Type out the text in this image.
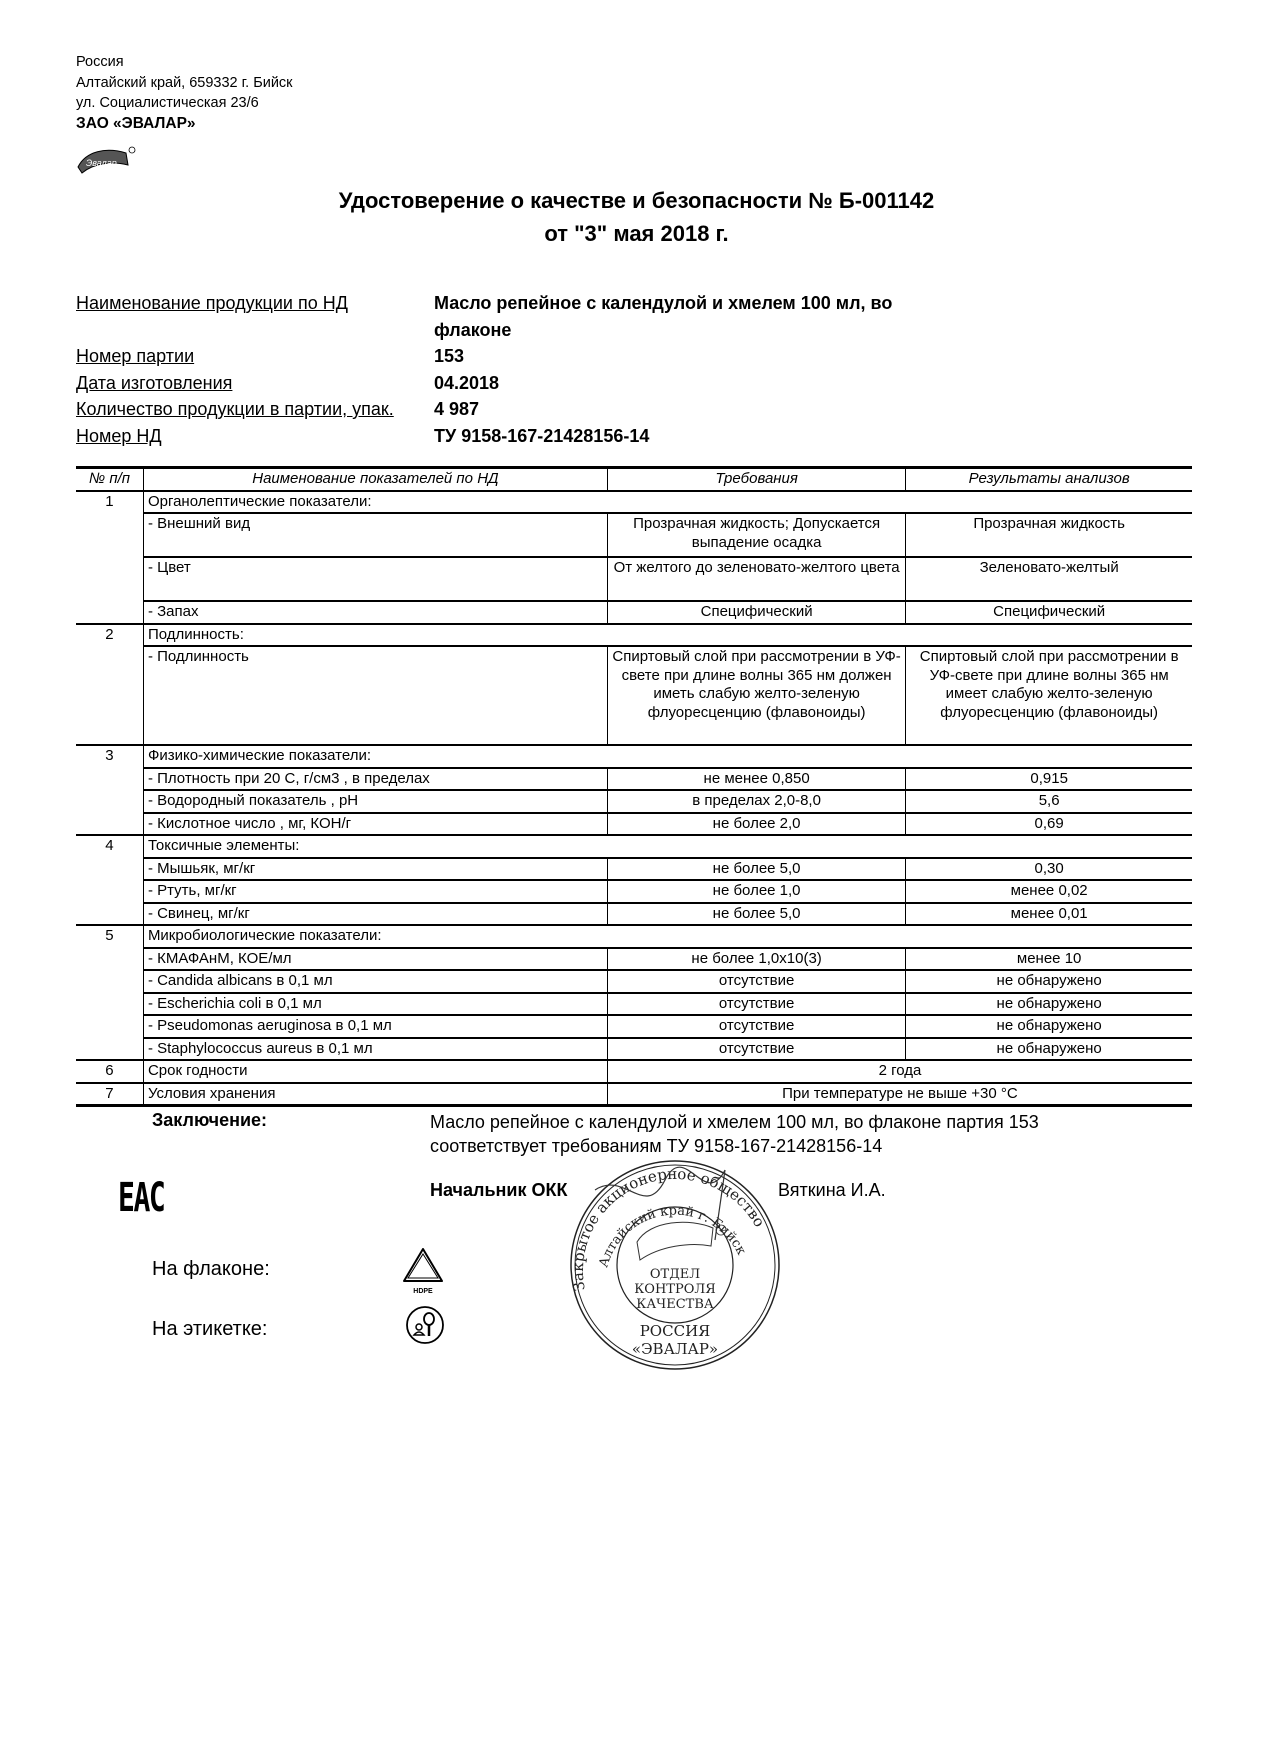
Россия
Алтайский край, 659332 г. Бийск
ул. Социалистическая 23/6
ЗАО «ЭВАЛАР»
Эвалар
Удостоверение о качестве и безопасности № Б-001142
от "3" мая 2018 г.
Наименование продукции по НД	Масло репейное с календулой и хмелем 100 мл, во флаконе
Номер партии	153
Дата изготовления	04.2018
Количество продукции в партии, упак.	4 987
Номер НД	ТУ 9158-167-21428156-14
№ п/п	Наименование показателей по НД	Требования	Результаты анализов
1	Органолептические показатели:		
	- Внешний вид	Прозрачная жидкость; Допускается выпадение осадка	Прозрачная жидкость
	- Цвет	От желтого до зеленовато-желтого цвета	Зеленовато-желтый
	- Запах	Специфический	Специфический
2	Подлинность:		
	- Подлинность	Спиртовый слой при рассмотрении в УФ-свете при длине волны 365 нм должен иметь слабую желто-зеленую флуоресценцию (флавоноиды)	Спиртовый слой при рассмотрении в УФ-свете при длине волны 365 нм имеет слабую желто-зеленую флуоресценцию (флавоноиды)
3	Физико-химические показатели:		
	- Плотность при 20 С, г/см3 , в пределах	не менее 0,850	0,915
	- Водородный показатель , pH	в пределах 2,0-8,0	5,6
	- Кислотное число , мг, КОН/г	не более 2,0	0,69
4	Токсичные элементы:		
	- Мышьяк, мг/кг	не более 5,0	0,30
	- Ртуть, мг/кг	не более 1,0	менее 0,02
	- Свинец, мг/кг	не более 5,0	менее 0,01
5	Микробиологические показатели:		
	- КМАФАнМ, КОЕ/мл	не более 1,0х10(3)	менее 10
	- Candida albicans в 0,1 мл	отсутствие	не обнаружено
	- Escherichia coli в 0,1 мл	отсутствие	не обнаружено
	- Pseudomonas aeruginosa в 0,1 мл	отсутствие	не обнаружено
	- Staphylococcus aureus в 0,1 мл	отсутствие	не обнаружено
6	Срок годности	2 года	
7	Условия хранения	При температуре не выше +30 °C	
Заключение:	Масло репейное с календулой и хмелем 100 мл, во флаконе партия 153 соответствует требованиям ТУ 9158-167-21428156-14
Начальник ОКК	Вяткина И.А.
ЕАС
На флаконе:
На этикетке:
HDPE	Закрытое акционерное общество
Алтайский край г. Бийск
ОТДЕЛ
КОНТРОЛЯ
КАЧЕСТВА
РОССИЯ
«ЭВАЛАР»
